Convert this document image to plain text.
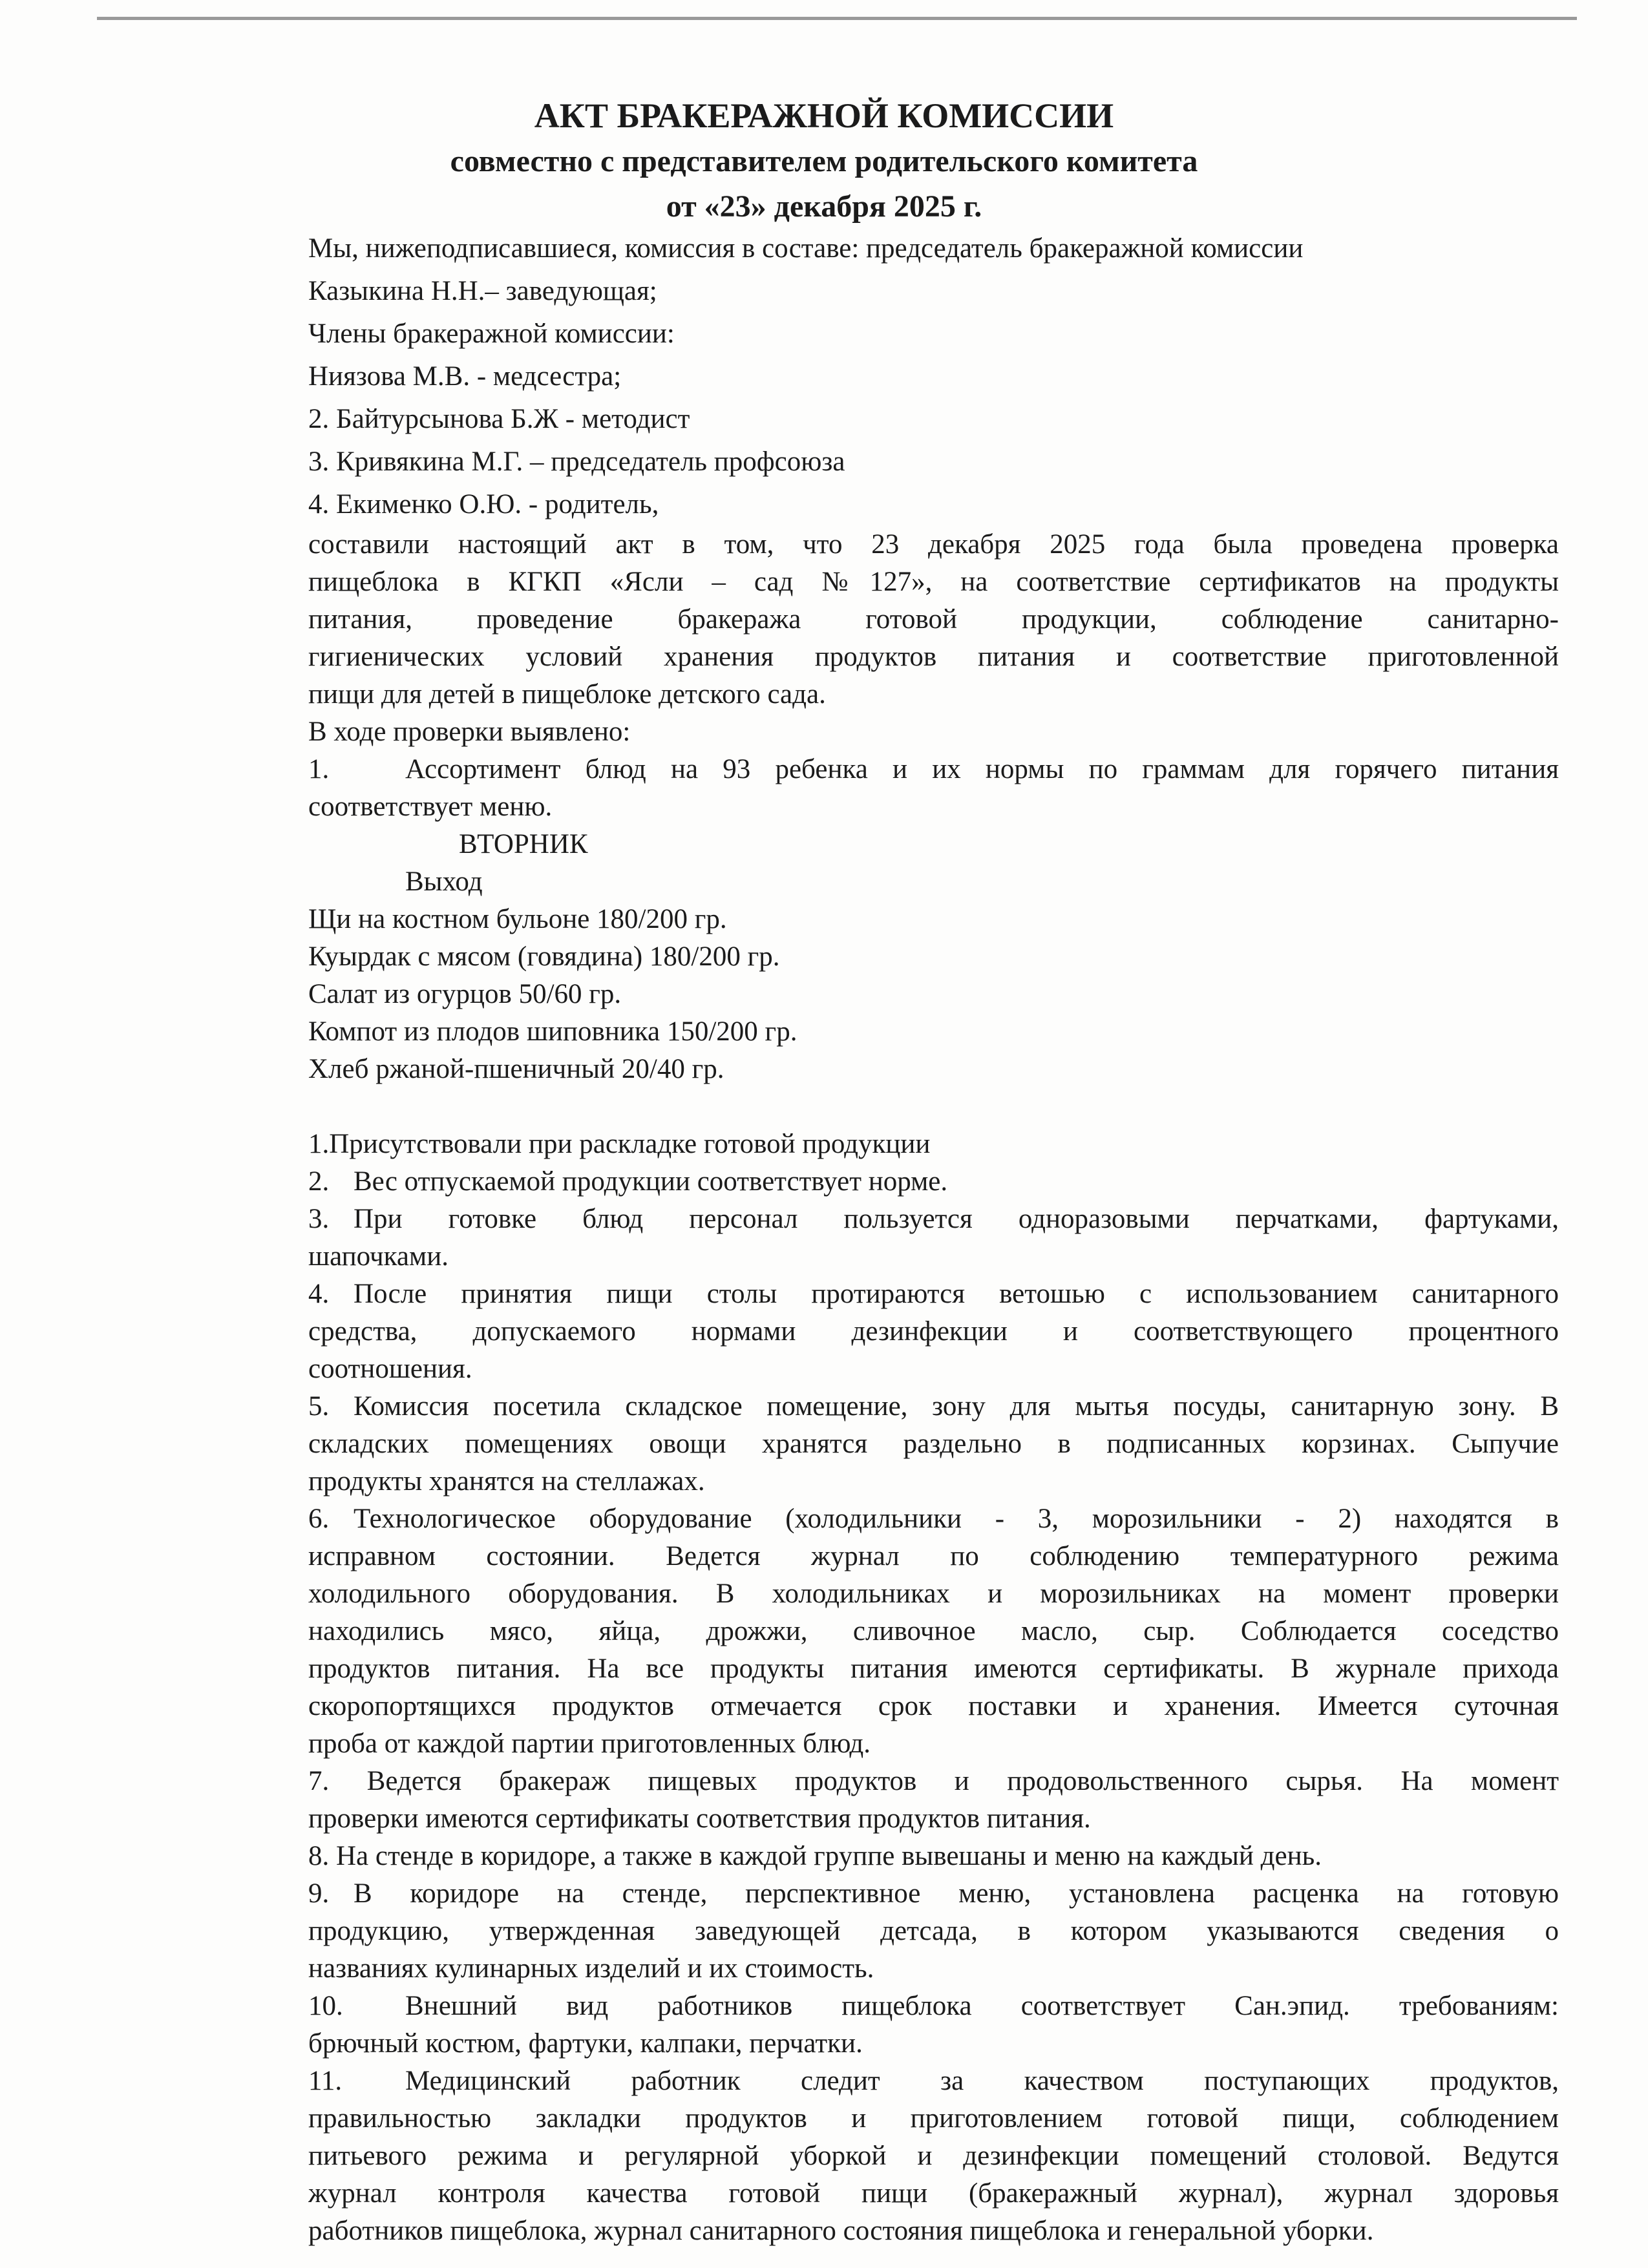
АКТ БРАКЕРАЖНОЙ КОМИССИИ
совместно с представителем родительского комитета
от «23» декабря 2025 г.
Мы, нижеподписавшиеся, комиссия в составе: председатель бракеражной комиссии
Казыкина Н.Н.– заведующая;
Члены бракеражной комиссии:
Ниязова М.В. - медсестра;
2. Байтурсынова Б.Ж - методист
3. Кривякина М.Г. – председатель профсоюза
4. Екименко О.Ю. - родитель,
составили настоящий акт в том, что 23 декабря 2025 года была проведена проверка
пищеблока в КГКП «Ясли – сад №127», на соответствие сертификатов на продукты
питания, проведение бракеража готовой продукции, соблюдение санитарно-
гигиенических условий хранения продуктов питания и соответствие приготовленной
пищи для детей в пищеблоке детского сада.
В ходе проверки выявлено:
1.	Ассортимент блюд на 93 ребенка и их нормы по граммам для горячего питания
соответствует меню.
ВТОРНИК
Выход
Щи на костном бульоне 180/200 гр.
Куырдак с мясом (говядина) 180/200 гр.
Салат из огурцов 50/60 гр.
Компот из плодов шиповника 150/200 гр.
Хлеб ржаной-пшеничный 20/40 гр.
1.Присутствовали при раскладке готовой продукции
2. Вес отпускаемой продукции соответствует норме.
3. При готовке блюд персонал пользуется одноразовыми перчатками, фартуками,
шапочками.
4. После принятия пищи столы протираются ветошью с использованием санитарного
средства, допускаемого нормами дезинфекции и соответствующего процентного
соотношения.
5. Комиссия посетила складское помещение, зону для мытья посуды, санитарную зону. В
складских помещениях овощи хранятся раздельно в подписанных корзинах. Сыпучие
продукты хранятся на стеллажах.
6. Технологическое оборудование (холодильники - 3, морозильники - 2) находятся в
исправном состоянии. Ведется журнал по соблюдению температурного режима
холодильного оборудования. В холодильниках и морозильниках на момент проверки
находились мясо, яйца, дрожжи, сливочное масло, сыр. Соблюдается соседство
продуктов питания. На все продукты питания имеются сертификаты. В журнале прихода
скоропортящихся продуктов отмечается срок поставки и хранения. Имеется суточная
проба от каждой партии приготовленных блюд.
7. Ведется бракераж пищевых продуктов и продовольственного сырья. На момент
проверки имеются сертификаты соответствия продуктов питания.
8. На стенде в коридоре, а также в каждой группе вывешаны и меню на каждый день.
9. В коридоре на стенде, перспективное меню, установлена расценка на готовую
продукцию, утвержденная заведующей детсада, в котором указываются сведения о
названиях кулинарных изделий и их стоимость.
10. Внешний вид работников пищеблока соответствует Сан.эпид. требованиям:
брючный костюм, фартуки, калпаки, перчатки.
11. Медицинский работник следит за качеством поступающих продуктов,
правильностью закладки продуктов и приготовлением готовой пищи, соблюдением
питьевого режима и регулярной уборкой и дезинфекции помещений столовой. Ведутся
журнал контроля качества готовой пищи (бракеражный журнал), журнал здоровья
работников пищеблока, журнал санитарного состояния пищеблока и генеральной уборки.
